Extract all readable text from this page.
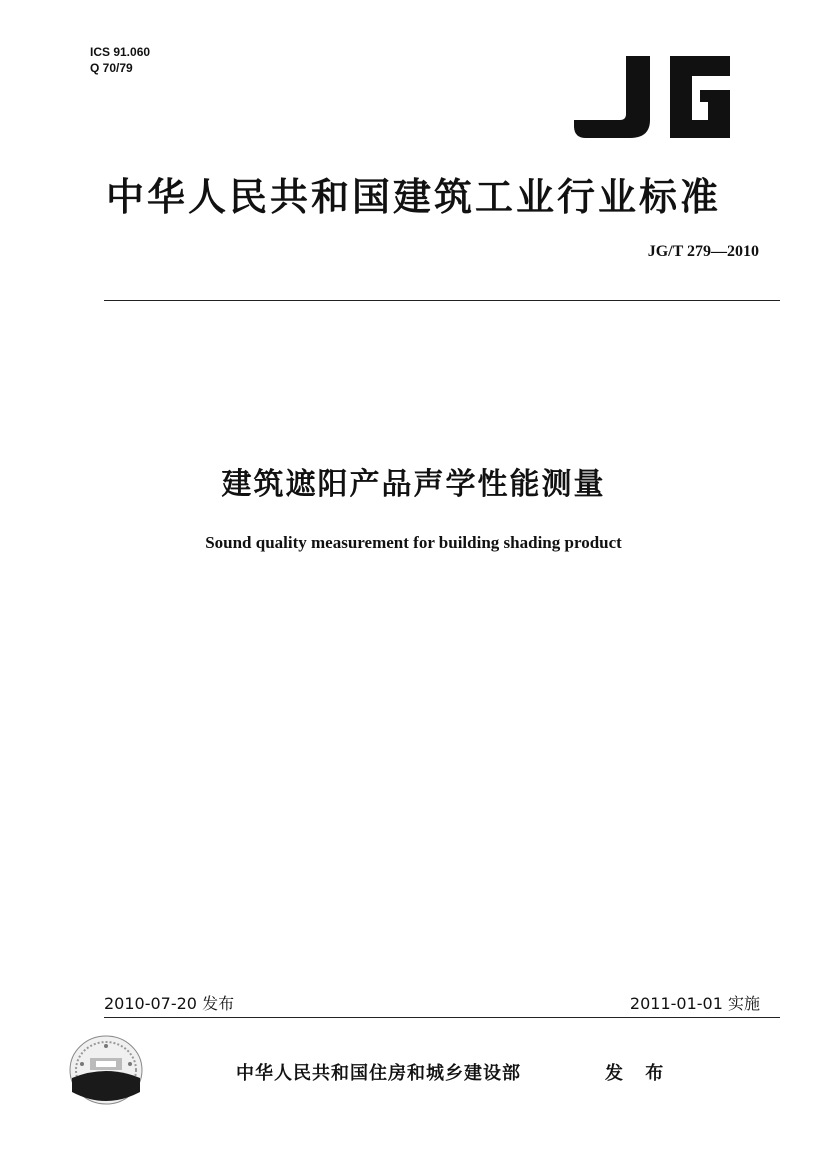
ICS 91.060
Q 70/79
中华人民共和国建筑工业行业标准
JG/T 279—2010
建筑遮阳产品声学性能测量
Sound quality measurement for building shading product
2010-07-20 发布	2011-01-01 实施
中华人民共和国住房和城乡建设部	发 布
